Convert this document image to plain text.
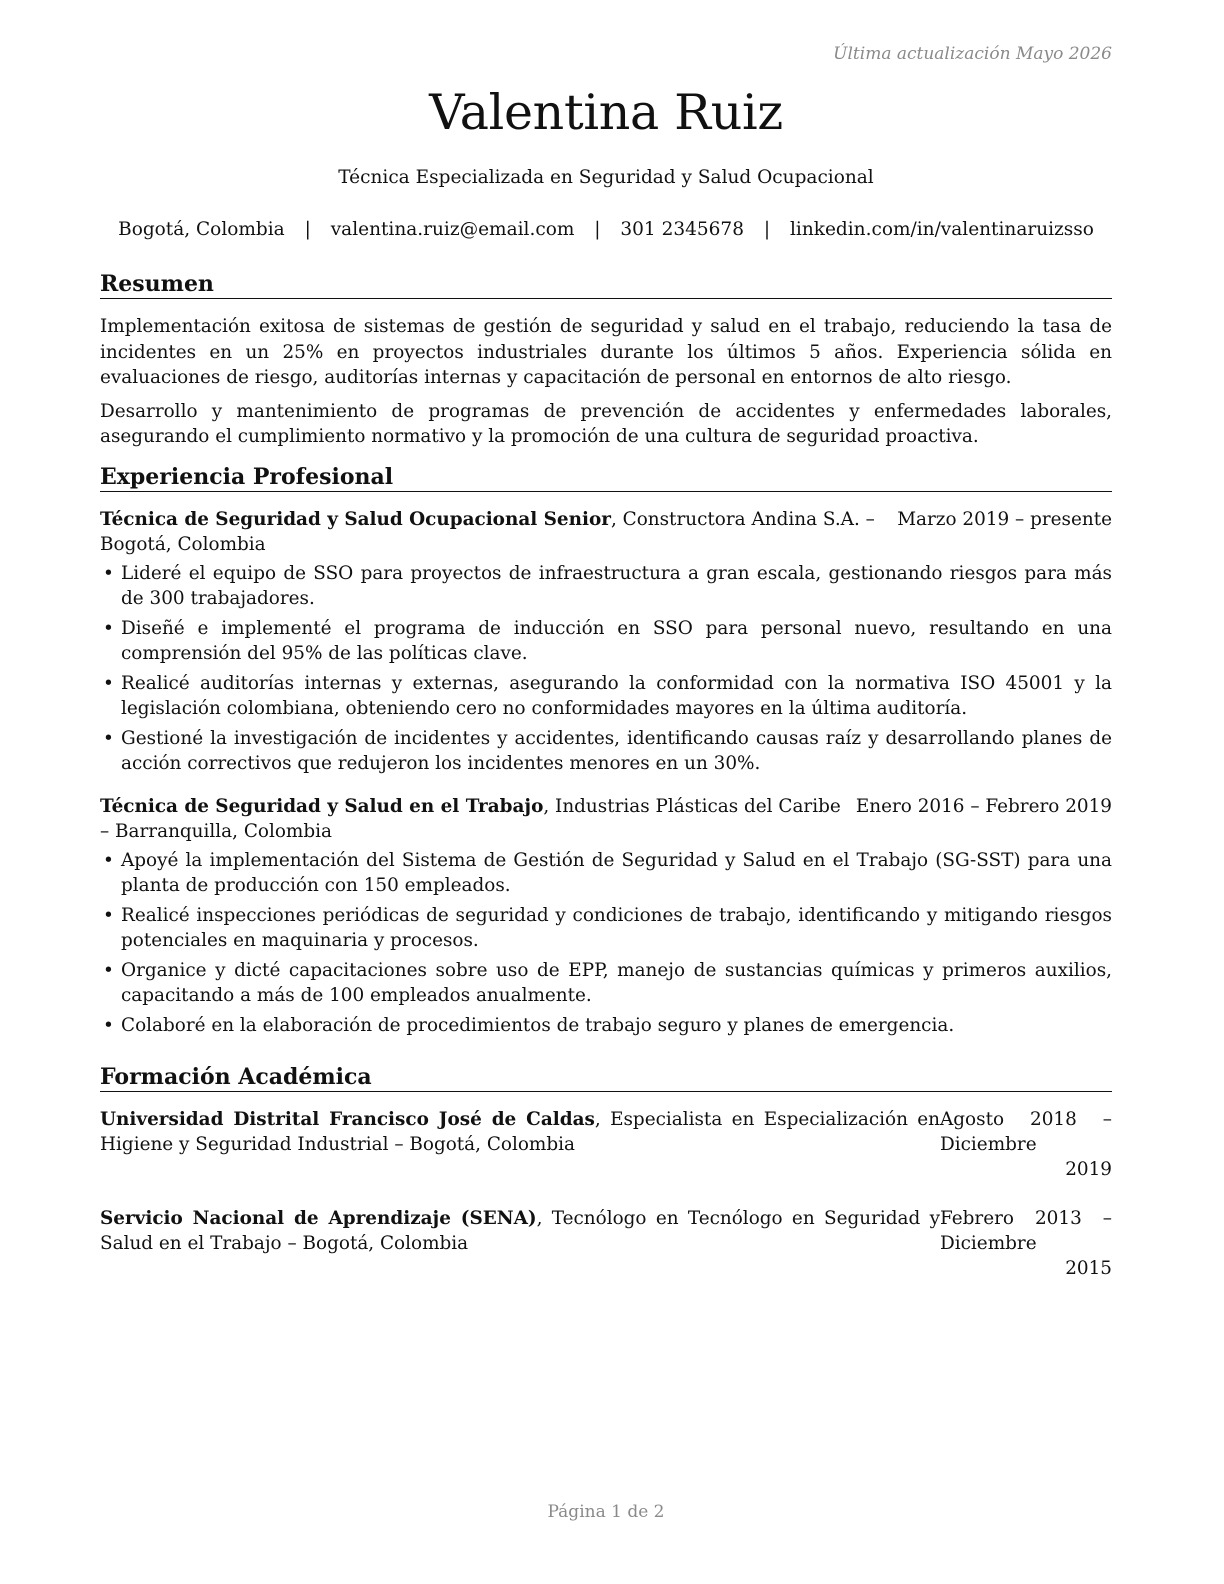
Última actualización Mayo 2026
Valentina Ruiz
Técnica Especializada en Seguridad y Salud Ocupacional
Bogotá, Colombia | valentina.ruiz@email.com | 301 2345678 | linkedin.com/in/valentinaruizsso
Resumen

Implementación exitosa de sistemas de gestión de seguridad y salud en el trabajo, reduciendo la tasa de incidentes en un 25% en proyectos industriales durante los últimos 5 años. Experiencia sólida en evaluaciones de riesgo, auditorías internas y capacitación de personal en entornos de alto riesgo.

Desarrollo y mantenimiento de programas de prevención de accidentes y enfermedades laborales, asegurando el cumplimiento normativo y la promoción de una cultura de seguridad proactiva.

Experiencia Profesional
Técnica de Seguridad y Salud Ocupacional Senior, Constructora Andina S.A. – Bogotá, Colombia
Marzo 2019 – presente
• Lideré el equipo de SSO para proyectos de infraestructura a gran escala, gestionando riesgos para más de 300 trabajadores.
• Diseñé e implementé el programa de inducción en SSO para personal nuevo, resultando en una comprensión del 95% de las políticas clave.
• Realicé auditorías internas y externas, asegurando la conformidad con la normativa ISO 45001 y la legislación colombiana, obteniendo cero no conformidades mayores en la última auditoría.
• Gestioné la investigación de incidentes y accidentes, identificando causas raíz y desarrollando planes de acción correctivos que redujeron los incidentes menores en un 30%.
Técnica de Seguridad y Salud en el Trabajo, Industrias Plásticas del Caribe – Barranquilla, Colombia
Enero 2016 – Febrero 2019
• Apoyé la implementación del Sistema de Gestión de Seguridad y Salud en el Trabajo (SG-SST) para una planta de producción con 150 empleados.
• Realicé inspecciones periódicas de seguridad y condiciones de trabajo, identificando y mitigando riesgos potenciales en maquinaria y procesos.
• Organice y dicté capacitaciones sobre uso de EPP, manejo de sustancias químicas y primeros auxilios, capacitando a más de 100 empleados anualmente.
• Colaboré en la elaboración de procedimientos de trabajo seguro y planes de emergencia.
Formación Académica
Universidad Distrital Francisco José de Caldas, Especialista en Especialización en Higiene y Seguridad Industrial – Bogotá, Colombia
Agosto 2018 – Diciembre
2019
Servicio Nacional de Aprendizaje (SENA), Tecnólogo en Tecnólogo en Seguridad y Salud en el Trabajo – Bogotá, Colombia
Febrero 2013 – Diciembre
2015
Página 1 de 2
